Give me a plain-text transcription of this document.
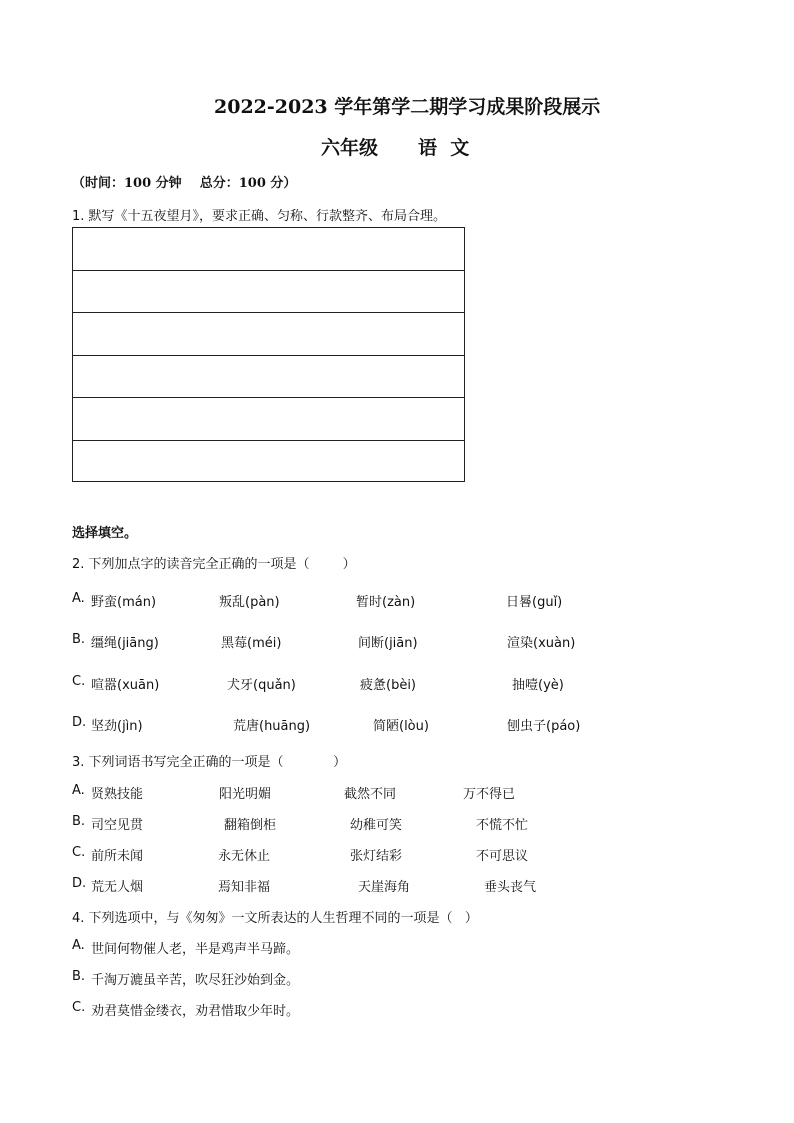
2022-2023 学年第学二期学习成果阶段展示
六年级 语  文
（时间：100 分钟    总分：100 分）
1. 默写《十五夜望月》，要求正确、匀称、行款整齐、布局合理。
选择填空。
2. 下列加点字的读音完全正确的一项是（        ）
A. 野蛮(mán)	叛乱(pàn)	暂时(zàn)	日晷(guǐ)
B. 缰绳(jiāng)	黑莓(méi)	间断(jiān)	渲染(xuàn)
C. 喧嚣(xuān)	犬牙(quǎn)	疲惫(bèi)	抽噎(yè)
D. 坚劲(jìn)	荒唐(huāng)	简陋(lòu)	刨虫子(páo)
3. 下列词语书写完全正确的一项是（            ）
A. 贤熟技能	阳光明媚	截然不同	万不得已
B. 司空见贯	翻箱倒柜	幼稚可笑	不慌不忙
C. 前所未闻	永无休止	张灯结彩	不可思议
D. 荒无人烟	焉知非福	天崖海角	垂头丧气
4. 下列选项中，与《匆匆》一文所表达的人生哲理不同的一项是（   ）
A. 世间何物催人老，半是鸡声半马蹄。
B. 千淘万漉虽辛苦，吹尽狂沙始到金。
C. 劝君莫惜金缕衣，劝君惜取少年时。
